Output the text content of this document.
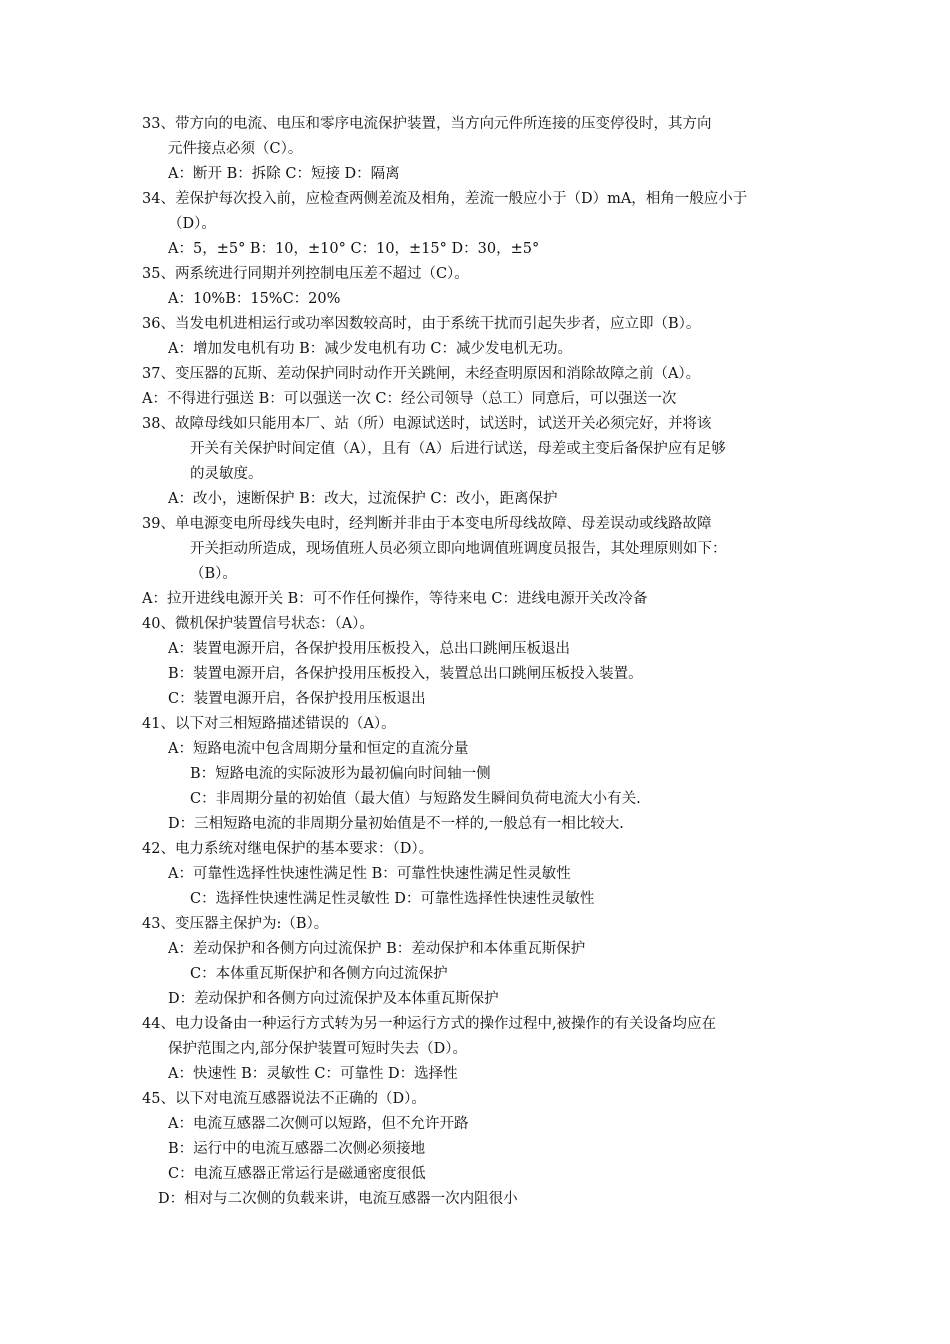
33、带方向的电流、电压和零序电流保护装置，当方向元件所连接的压变停役时，其方向
元件接点必须（C）。
A：断开 B：拆除 C：短接 D：隔离
34、差保护每次投入前，应检查两侧差流及相角，差流一般应小于（D）mA，相角一般应小于
（D）。
A：5，±5° B：10，±10° C：10，±15° D：30，±5°
35、两系统进行同期并列控制电压差不超过（C）。
A：10%B：15%C：20%
36、当发电机进相运行或功率因数较高时，由于系统干扰而引起失步者，应立即（B）。
A：增加发电机有功 B：减少发电机有功 C：减少发电机无功。
37、变压器的瓦斯、差动保护同时动作开关跳闸，未经查明原因和消除故障之前（A）。
A：不得进行强送 B：可以强送一次 C：经公司领导（总工）同意后，可以强送一次
38、故障母线如只能用本厂、站（所）电源试送时，试送时，试送开关必须完好，并将该
开关有关保护时间定值（A），且有（A）后进行试送，母差或主变后备保护应有足够
的灵敏度。
A：改小，速断保护 B：改大，过流保护 C：改小，距离保护
39、单电源变电所母线失电时，经判断并非由于本变电所母线故障、母差误动或线路故障
开关拒动所造成，现场值班人员必须立即向地调值班调度员报告，其处理原则如下：
（B）。
A：拉开进线电源开关 B：可不作任何操作，等待来电 C：进线电源开关改冷备
40、微机保护装置信号状态：（A）。
A：装置电源开启，各保护投用压板投入，总出口跳闸压板退出
B：装置电源开启，各保护投用压板投入，装置总出口跳闸压板投入装置。
C：装置电源开启，各保护投用压板退出
41、以下对三相短路描述错误的（A）。
A：短路电流中包含周期分量和恒定的直流分量
B：短路电流的实际波形为最初偏向时间轴一侧
C：非周期分量的初始值（最大值）与短路发生瞬间负荷电流大小有关.
D：三相短路电流的非周期分量初始值是不一样的,一般总有一相比较大.
42、电力系统对继电保护的基本要求：（D）。
A：可靠性选择性快速性满足性 B：可靠性快速性满足性灵敏性
C：选择性快速性满足性灵敏性 D：可靠性选择性快速性灵敏性
43、变压器主保护为:（B）。
A：差动保护和各侧方向过流保护 B：差动保护和本体重瓦斯保护
C：本体重瓦斯保护和各侧方向过流保护
D：差动保护和各侧方向过流保护及本体重瓦斯保护
44、电力设备由一种运行方式转为另一种运行方式的操作过程中,被操作的有关设备均应在
保护范围之内,部分保护装置可短时失去（D）。
A：快速性 B：灵敏性 C：可靠性 D：选择性
45、以下对电流互感器说法不正确的（D）。
A：电流互感器二次侧可以短路，但不允许开路
B：运行中的电流互感器二次侧必须接地
C：电流互感器正常运行是磁通密度很低
D：相对与二次侧的负载来讲，电流互感器一次内阻很小
